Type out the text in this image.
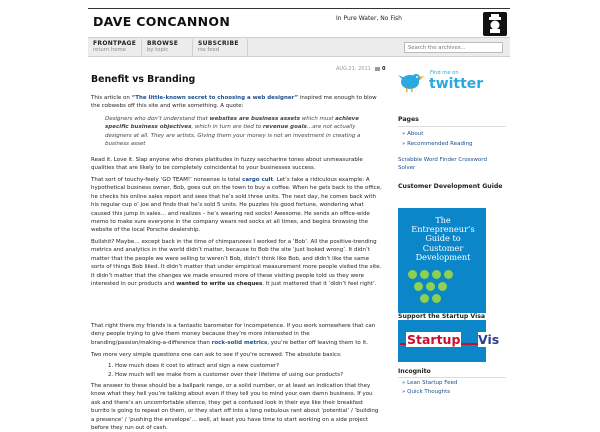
DAVE CONCANNON	In Pure Water, No Fish
FRONTPAGE
return home
BROWSE
by topic
SUBSCRIBE
rss feed
Search the archives...
AUG.21, 2011 0
Benefit vs Branding
This article on “The little-known secret to choosing a web designer” inspired me enough to blow the cobwebs off this site and write something. A quote:
Designers who don’t understand that websites are business assets which must achieve specific business objectives, which in turn are tied to revenue goals…are not actually designers at all. They are artists. Giving them your money is not an investment in creating a business asset
Read it. Love it. Slap anyone who drones platitudes in fuzzy saccharine tones about unmeasurable qualities that are likely to be completely coincidental to your businesses success.
That sort of touchy-feely ‘GO TEAM!’ nonsense is total cargo cult. Let’s take a ridiculous example: A hypothetical business owner, Bob, goes out on the town to buy a coffee. When he gets back to the office, he checks his online sales report and sees that he’s sold three units. The next day, he comes back with his regular cup o’ joe and finds that he’s sold 5 units. He puzzles his good fortune, wondering what caused this jump in sales… and realizes – he’s wearing red socks! Awesome. He sends an office-wide memo to make sure everyone in the company wears red socks at all times, and begins browsing the website of the local Porsche dealership.
Bullshit? Maybe… except back in the time of chimpanzees I worked for a ‘Bob’. All the positive-trending metrics and analytics in the world didn’t matter, because to Bob the site ‘just looked wrong’. It didn’t matter that the people we were selling to weren’t Bob, didn’t think like Bob, and didn’t like the same sorts of things Bob liked. It didn’t matter that under empirical measurement more people visited the site. It didn’t matter that the changes we made ensured more of these visiting people told us they were interested in our products and wanted to write us cheques. It just mattered that it ‘didn’t feel right’.
That right there my friends is a fantastic barometer for incompetence. If you work somewhere that can deny people trying to give them money because they’re more interested in the branding/passion/making-a-difference than rock-solid metrics, you’re better off leaving them to it.
Two more very simple questions one can ask to see if you’re screwed. The absolute basics:
1. How much does it cost to attract and sign a new customer?
2. How much will we make from a customer over their lifetime of using our products?
The answer to these should be a ballpark range, or a solid number, or at least an indication that they know what they hell you’re talking about even if they tell you to mind your own damn business. If you ask and there’s an uncomfortable silence, they get a confused look in their eye like their breakfast burrito is going to repeat on them, or they start off into a long nebulous rant about ‘potential’ / ‘building a presence’ / ‘pushing the envelope’… well, at least you have time to start working on a side project before they run out of cash.
Find me on
twitter
Pages
» About
» Recommended Reading
Scrabble Word Finder Crossword Solver
Customer Development Guide
The Entrepreneur’s Guide to Customer Development
Support the Startup Visa
Startup Vis
Incognito
» Lean Startup Feed
» Quick Thoughts
